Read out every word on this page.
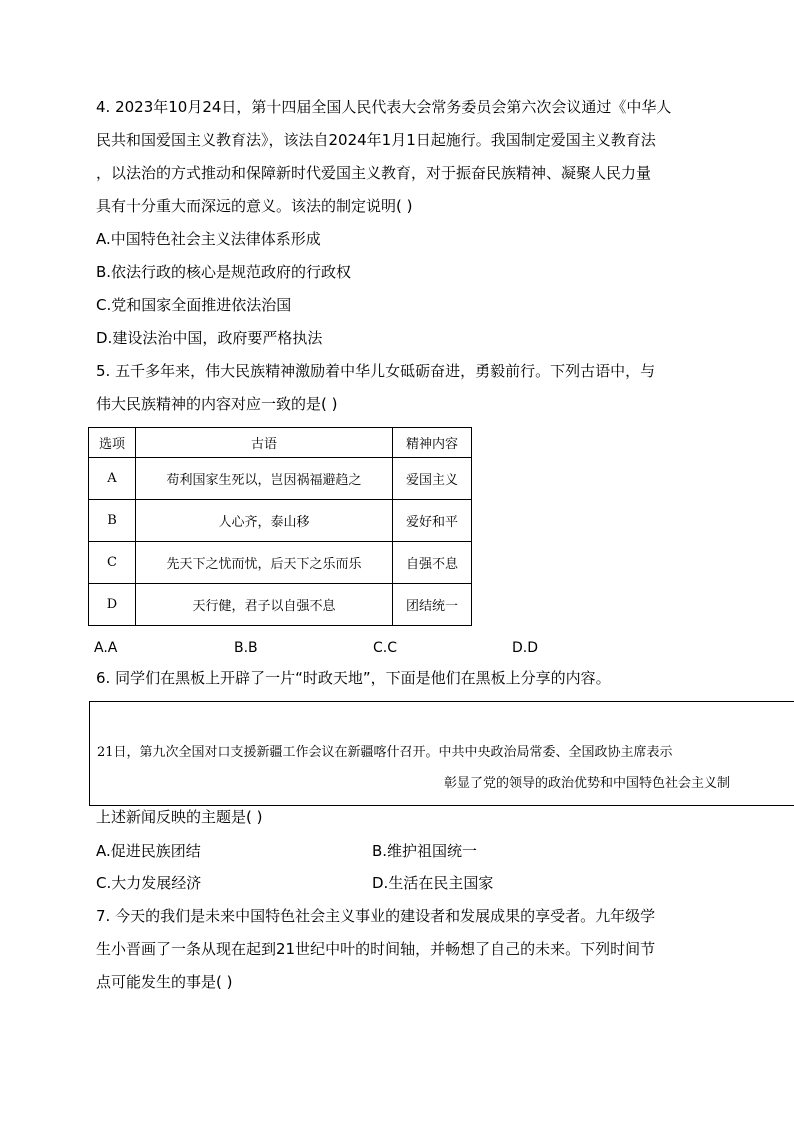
4. 2023年10月24日，第十四届全国人民代表大会常务委员会第六次会议通过《中华人
民共和国爱国主义教育法》，该法自2024年1月1日起施行。我国制定爱国主义教育法
，以法治的方式推动和保障新时代爱国主义教育，对于振奋民族精神、凝聚人民力量
具有十分重大而深远的意义。该法的制定说明( )
A.中国特色社会主义法律体系形成
B.依法行政的核心是规范政府的行政权
C.党和国家全面推进依法治国
D.建设法治中国，政府要严格执法
5. 五千多年来，伟大民族精神激励着中华儿女砥砺奋进，勇毅前行。下列古语中，与
伟大民族精神的内容对应一致的是( )
选项	古语	精神内容
A	苟利国家生死以，岂因祸福避趋之	爱国主义
B	人心齐，泰山移	爱好和平
C	先天下之忧而忧，后天下之乐而乐	自强不息
D	天行健，君子以自强不息	团结统一
A.A	B.B	C.C	D.D
6. 同学们在黑板上开辟了一片“时政天地”，下面是他们在黑板上分享的内容。
21日，第九次全国对口支援新疆工作会议在新疆喀什召开。中共中央政治局常委、全国政协主席表示
彰显了党的领导的政治优势和中国特色社会主义制
上述新闻反映的主题是( )
A.促进民族团结	B.维护祖国统一
C.大力发展经济	D.生活在民主国家
7. 今天的我们是未来中国特色社会主义事业的建设者和发展成果的享受者。九年级学
生小晋画了一条从现在起到21世纪中叶的时间轴，并畅想了自己的未来。下列时间节
点可能发生的事是( )
